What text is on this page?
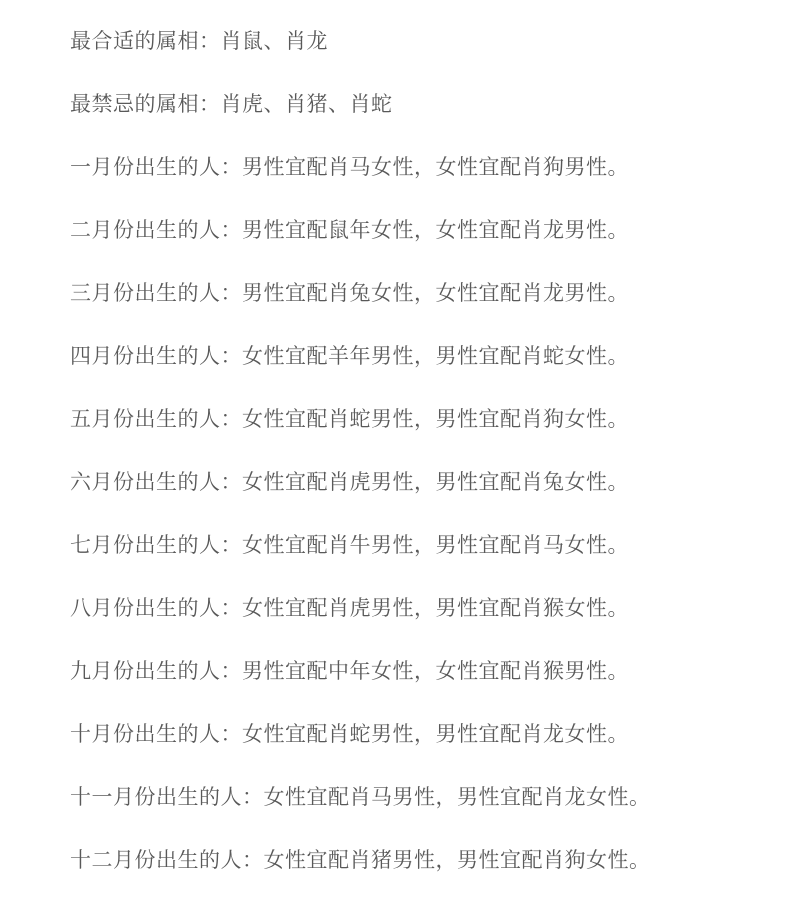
最合适的属相：肖鼠、肖龙

最禁忌的属相：肖虎、肖猪、肖蛇

一月份出生的人：男性宜配肖马女性，女性宜配肖狗男性。

二月份出生的人：男性宜配鼠年女性，女性宜配肖龙男性。

三月份出生的人：男性宜配肖兔女性，女性宜配肖龙男性。

四月份出生的人：女性宜配羊年男性，男性宜配肖蛇女性。

五月份出生的人：女性宜配肖蛇男性，男性宜配肖狗女性。

六月份出生的人：女性宜配肖虎男性，男性宜配肖兔女性。

七月份出生的人：女性宜配肖牛男性，男性宜配肖马女性。

八月份出生的人：女性宜配肖虎男性，男性宜配肖猴女性。

九月份出生的人：男性宜配中年女性，女性宜配肖猴男性。

十月份出生的人：女性宜配肖蛇男性，男性宜配肖龙女性。

十一月份出生的人：女性宜配肖马男性，男性宜配肖龙女性。

十二月份出生的人：女性宜配肖猪男性，男性宜配肖狗女性。
